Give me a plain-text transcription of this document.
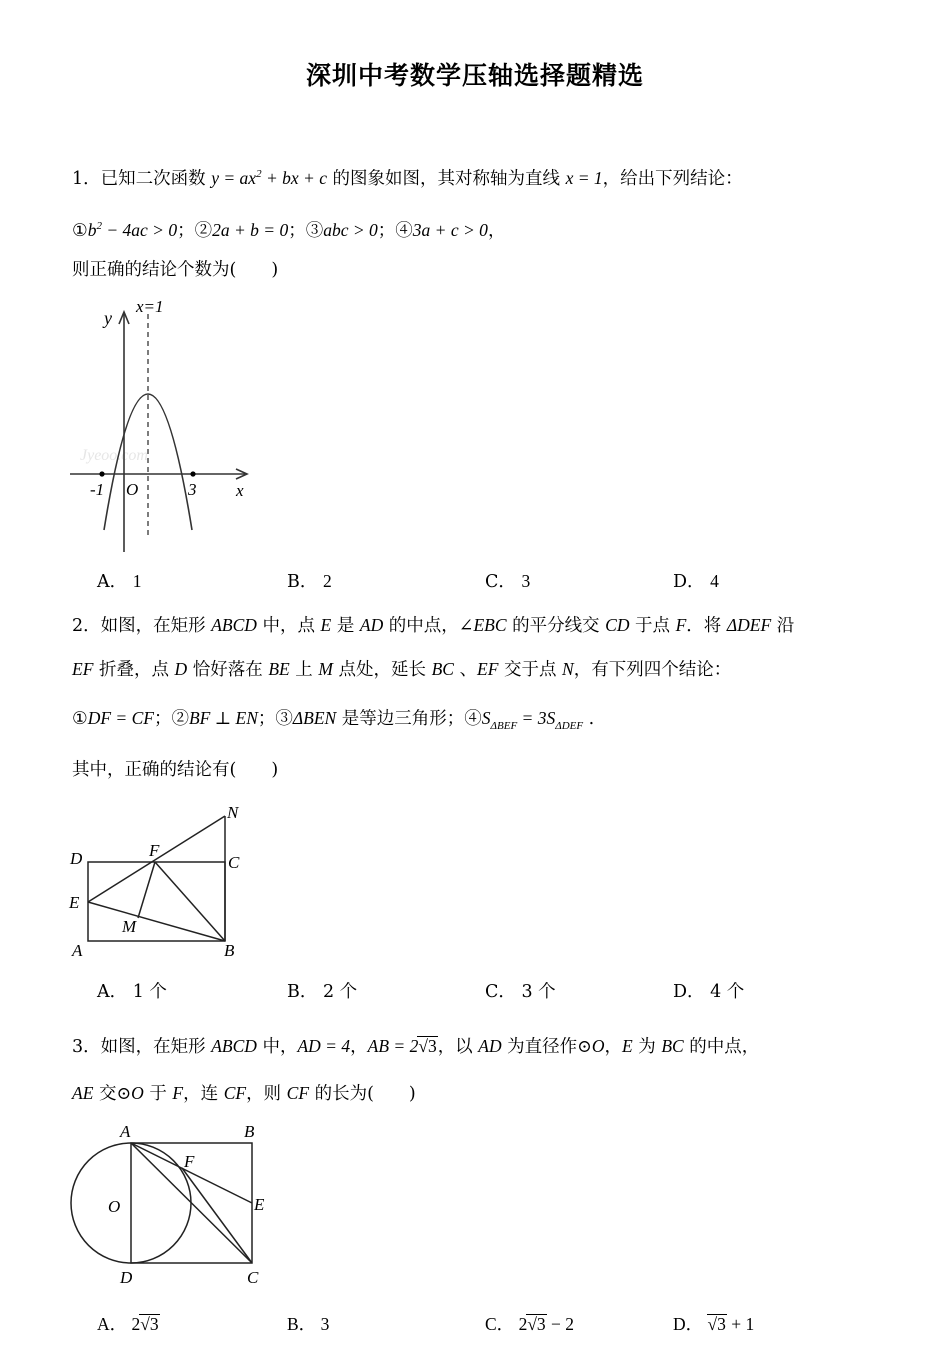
深圳中考数学压轴选择题精选
1．已知二次函数 $y = ax^2$ + bx + c 的图象如图，其对称轴为直线 x = 1，给出下列结论：
$①b^2 - 4ac > 0$；②2a + b = 0；③abc > 0；④3a + c > 0，
则正确的结论个数为(　　)
Jyeoo.com
y
x=1
x
O
-1	3
A． 1	B． 2	C． 3	D． 4
2．如图，在矩形 ABCD 中，点 E 是 AD 的中点，∠EBC 的平分线交 CD 于点 F．将 ΔDEF 沿
EF 折叠，点 D 恰好落在 BE 上 M 点处，延长 BC 、EF 交于点 N，有下列四个结论：
①DF = CF；②BF ⊥ EN；③ΔBEN 是等边三角形；$④S_{\Delta BEF} = 3S_{\Delta DEF}$ .
其中，正确的结论有(　　)
D	C
N
F
E
M
A	B
A． 1 个	B． 2 个	C． 3 个	D． 4 个
3．如图，在矩形 ABCD 中，AD = 4，AB = 2√3，以 AD 为直径作⊙O，E 为 BC 的中点，
AE 交⊙O 于 F，连 CF，则 CF 的长为(　　)
A	B
F
E
O
D	C
A． 2√3	B． 3	C． 2√3 − 2	D． √3 + 1
